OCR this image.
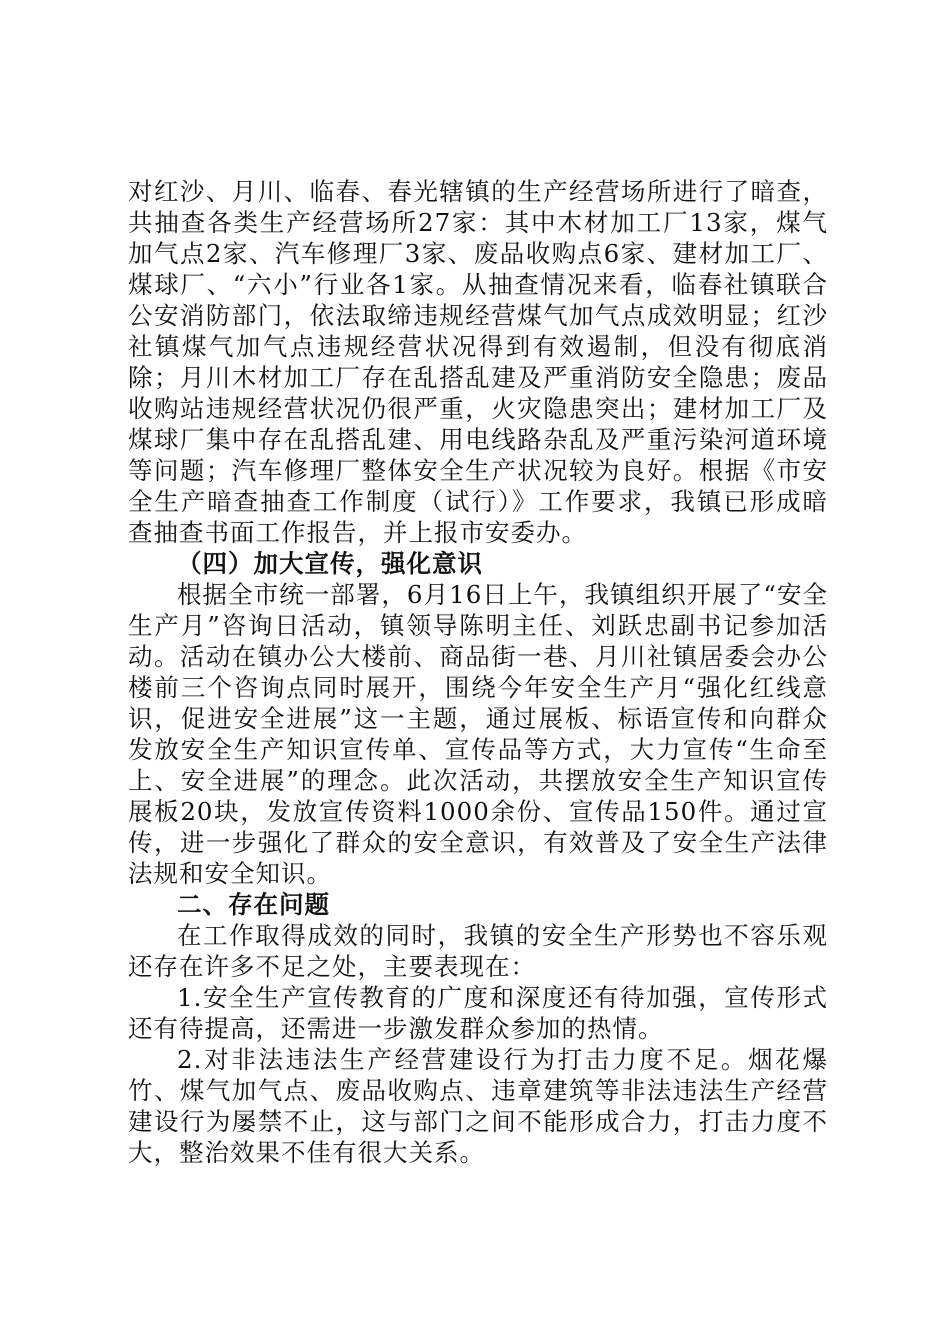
对红沙、月川、临春、春光辖镇的生产经营场所进行了暗查，共抽查各类生产经营场所27家：其中木材加工厂13家，煤气加气点2家、汽车修理厂3家、废品收购点6家、建材加工厂、煤球厂、“六小”行业各1家。从抽查情况来看，临春社镇联合公安消防部门，依法取缔违规经营煤气加气点成效明显；红沙社镇煤气加气点违规经营状况得到有效遏制，但没有彻底消除；月川木材加工厂存在乱搭乱建及严重消防安全隐患；废品收购站违规经营状况仍很严重，火灾隐患突出；建材加工厂及煤球厂集中存在乱搭乱建、用电线路杂乱及严重污染河道环境等问题；汽车修理厂整体安全生产状况较为良好。根据《市安全生产暗查抽查工作制度（试行）》工作要求，我镇已形成暗查抽查书面工作报告，并上报市安委办。

（四）加大宣传，强化意识

根据全市统一部署，6月16日上午，我镇组织开展了“安全生产月”咨询日活动，镇领导陈明主任、刘跃忠副书记参加活动。活动在镇办公大楼前、商品街一巷、月川社镇居委会办公楼前三个咨询点同时展开，围绕今年安全生产月“强化红线意识，促进安全进展”这一主题，通过展板、标语宣传和向群众发放安全生产知识宣传单、宣传品等方式，大力宣传“生命至上、安全进展”的理念。此次活动，共摆放安全生产知识宣传展板20块，发放宣传资料1000余份、宣传品150件。通过宣传，进一步强化了群众的安全意识，有效普及了安全生产法律法规和安全知识。

二、存在问题

在工作取得成效的同时，我镇的安全生产形势也不容乐观还存在许多不足之处，主要表现在：

1.安全生产宣传教育的广度和深度还有待加强，宣传形式还有待提高，还需进一步激发群众参加的热情。

2.对非法违法生产经营建设行为打击力度不足。烟花爆竹、煤气加气点、废品收购点、违章建筑等非法违法生产经营建设行为屡禁不止，这与部门之间不能形成合力，打击力度不大，整治效果不佳有很大关系。
